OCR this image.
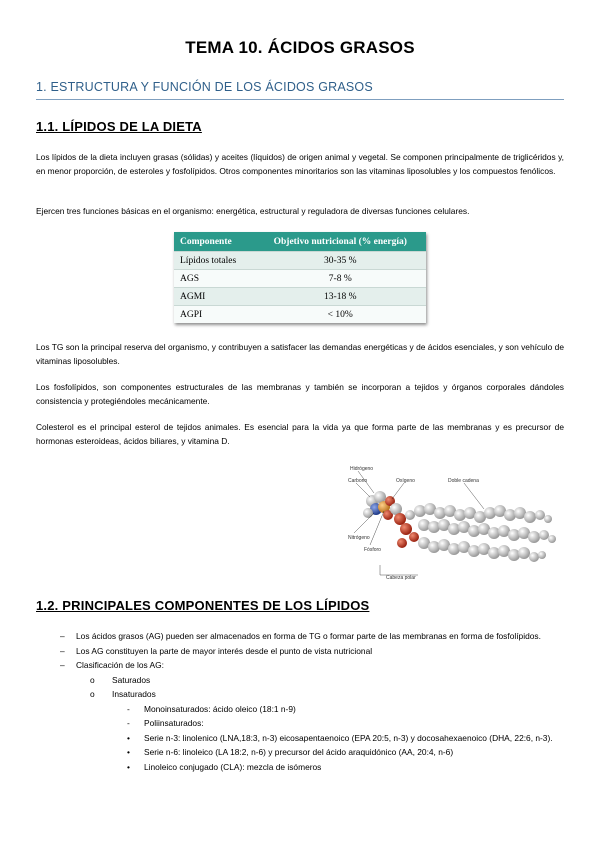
TEMA 10. ÁCIDOS GRASOS
1. ESTRUCTURA Y FUNCIÓN DE LOS ÁCIDOS GRASOS
1.1. LÍPIDOS DE LA DIETA
Los lípidos de la dieta incluyen grasas (sólidas) y aceites (líquidos) de origen animal y vegetal. Se componen principalmente de triglicéridos y, en menor proporción, de esteroles y fosfolípidos. Otros componentes minoritarios son las vitaminas liposolubles y los compuestos fenólicos.
Ejercen tres funciones básicas en el organismo: energética, estructural y reguladora de diversas funciones celulares.
Componente	Objetivo nutricional (% energía)
Lípidos totales	30-35 %
AGS	7-8 %
AGMI	13-18 %
AGPI	< 10%
Los TG son la principal reserva del organismo, y contribuyen a satisfacer las demandas energéticas y de ácidos esenciales, y son vehículo de vitaminas liposolubles.
Los fosfolípidos, son componentes estructurales de las membranas y también se incorporan a tejidos y órganos corporales dándoles consistencia y protegiéndoles mecánicamente.
Colesterol es el principal esterol de tejidos animales. Es esencial para la vida ya que forma parte de las membranas y es precursor de hormonas esteroideas, ácidos biliares, y vitamina D.
Hidrógeno
Carbono	Oxígeno	Doble cadena
Nitrógeno
Fósforo
Cabeza polar
1.2. PRINCIPALES COMPONENTES DE LOS LÍPIDOS
– Los ácidos grasos (AG) pueden ser almacenados en forma de TG o formar parte de las membranas en forma de fosfolípidos.
– Los AG constituyen la parte de mayor interés desde el punto de vista nutricional
– Clasificación de los AG:
o Saturados
o Insaturados
- Monoinsaturados: ácido oleico (18:1 n-9)
- Poliinsaturados:
• Serie n-3: linolenico (LNA,18:3, n-3) eicosapentaenoico (EPA 20:5, n-3) y docosahexaenoico (DHA, 22:6, n-3).
• Serie n-6: linoleico (LA 18:2, n-6) y precursor del ácido araquidónico (AA, 20:4, n-6)
• Linoleico conjugado (CLA): mezcla de isómeros
